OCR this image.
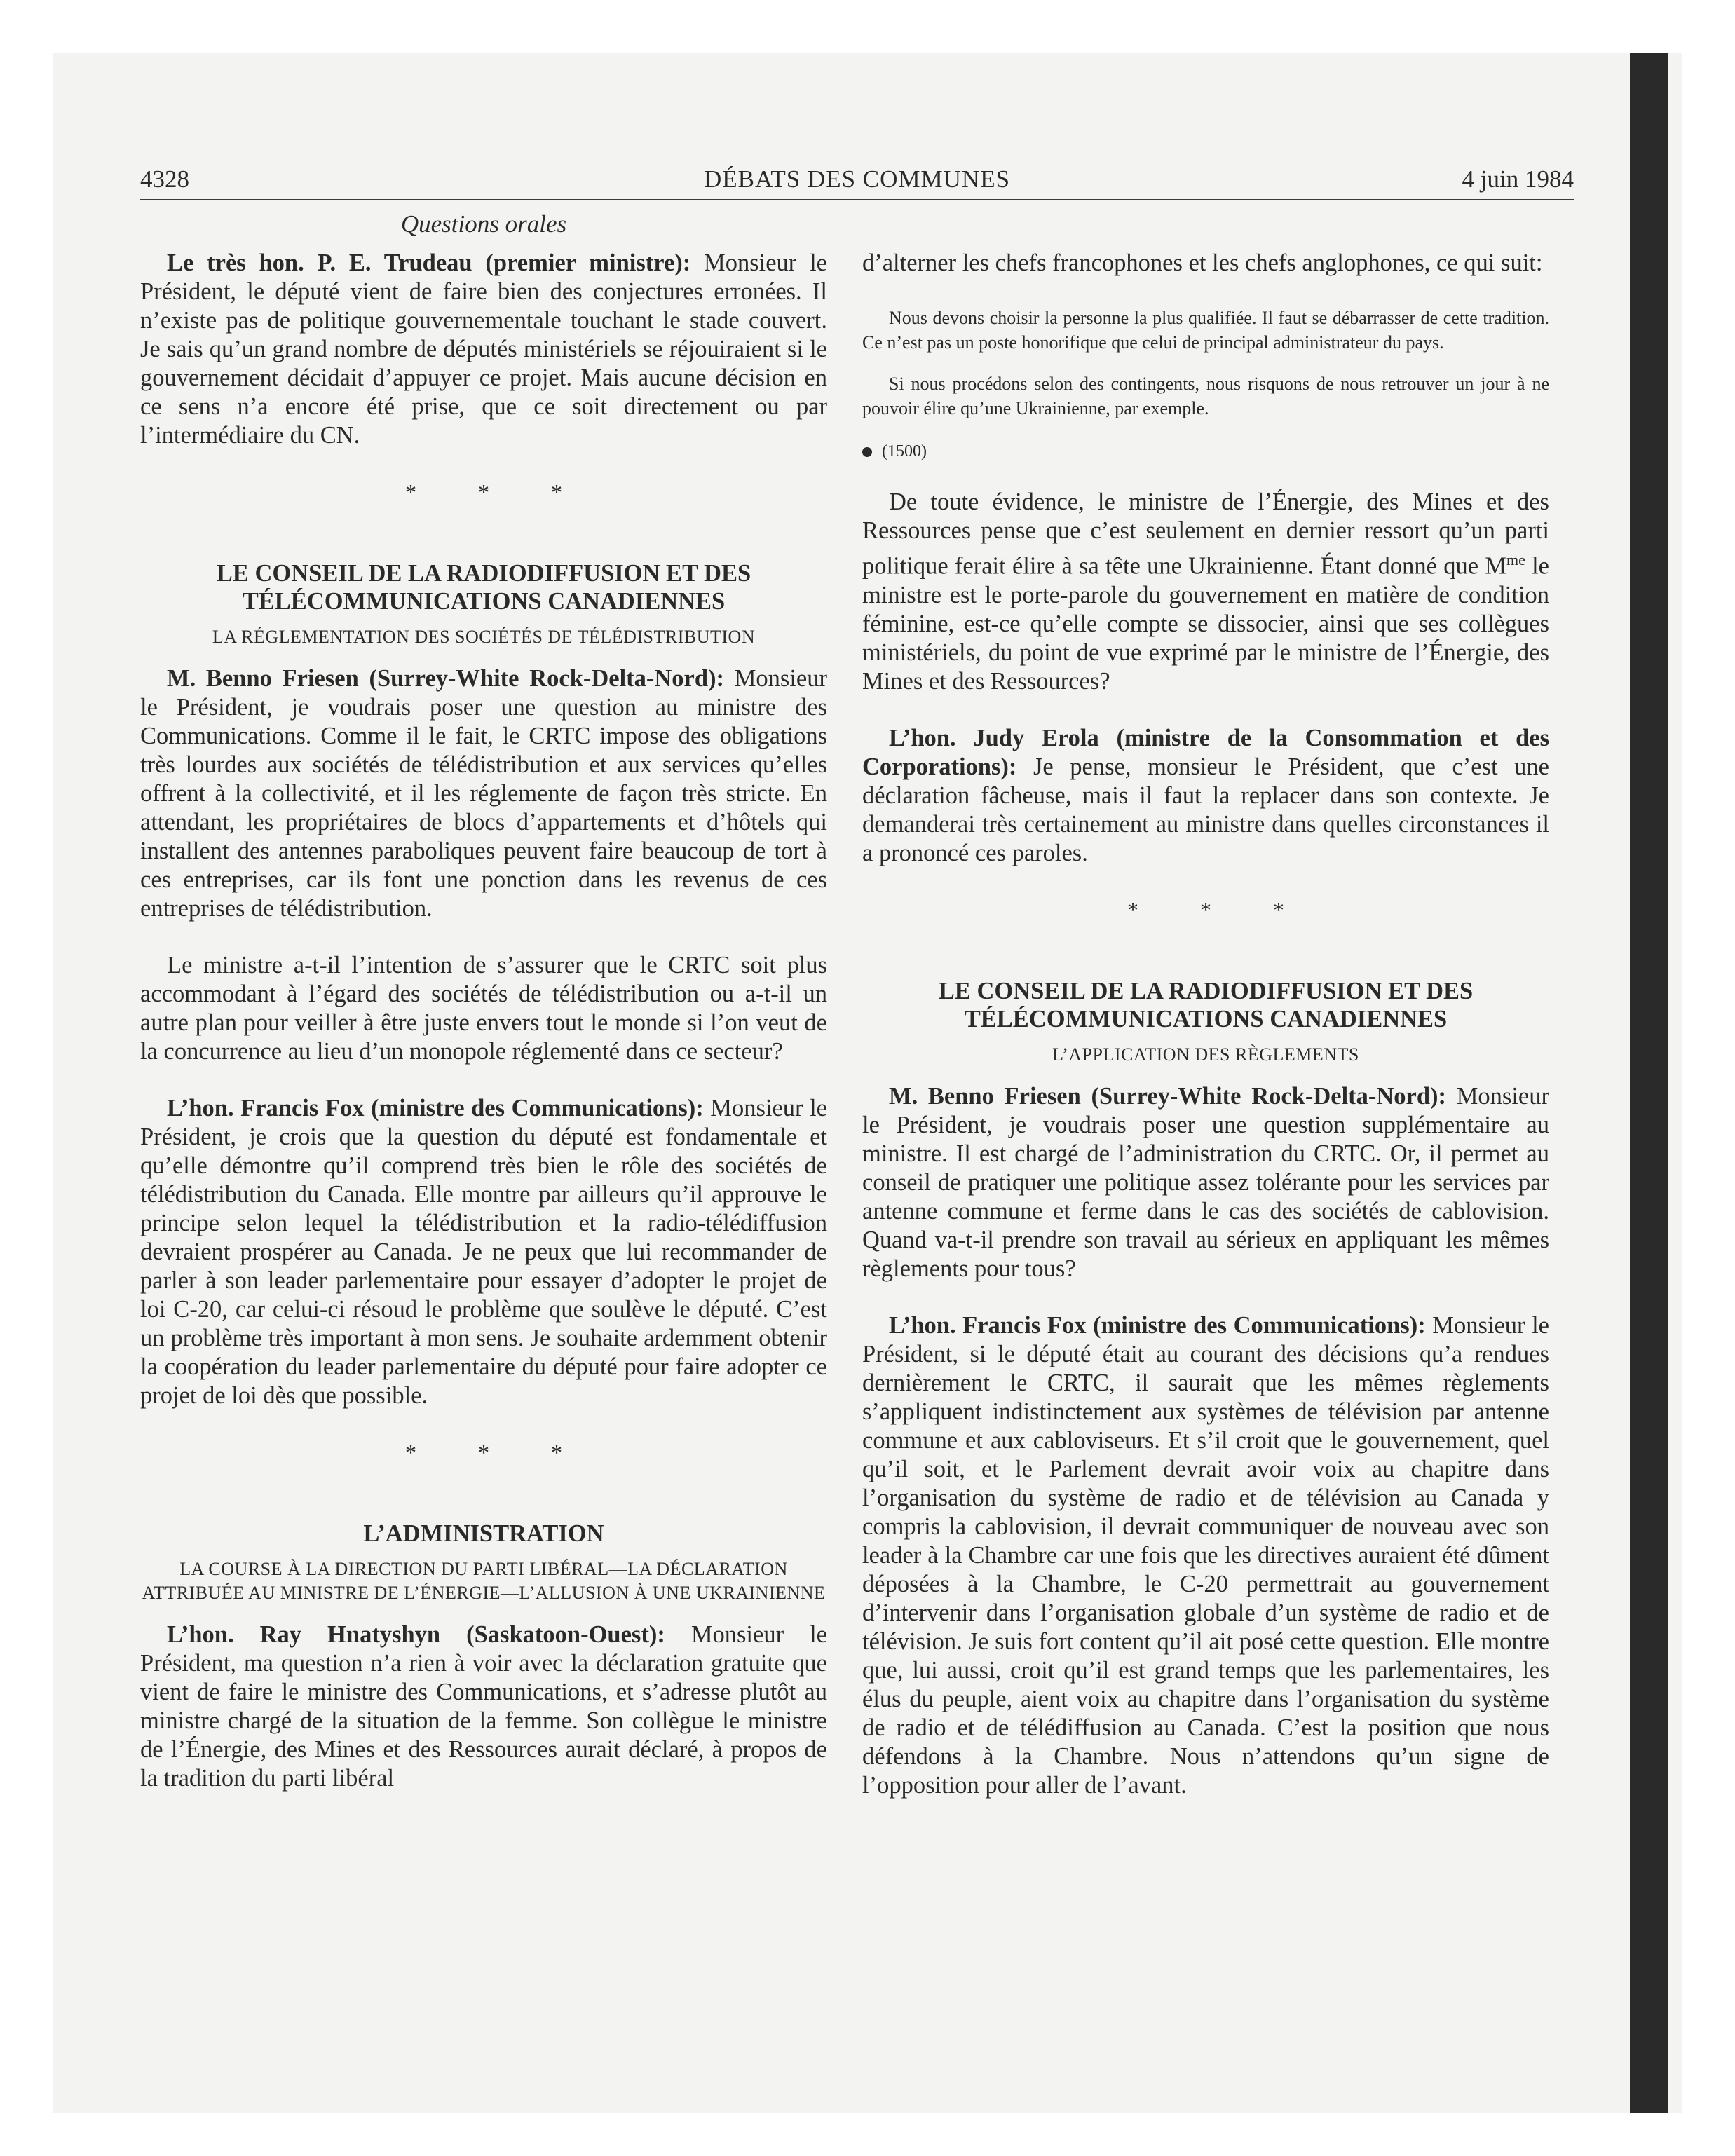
4328	DÉBATS DES COMMUNES	4 juin 1984
Questions orales

Le très hon. P. E. Trudeau (premier ministre): Monsieur le Président, le député vient de faire bien des conjectures erronées. Il n’existe pas de politique gouvernementale touchant le stade couvert. Je sais qu’un grand nombre de députés ministériels se réjouiraient si le gouvernement décidait d’appuyer ce projet. Mais aucune décision en ce sens n’a encore été prise, que ce soit directement ou par l’intermédiaire du CN.

* * *
LE CONSEIL DE LA RADIODIFFUSION ET DES TÉLÉCOMMUNICATIONS CANADIENNES
LA RÉGLEMENTATION DES SOCIÉTÉS DE TÉLÉDISTRIBUTION

M. Benno Friesen (Surrey-White Rock-Delta-Nord): Monsieur le Président, je voudrais poser une question au ministre des Communications. Comme il le fait, le CRTC impose des obligations très lourdes aux sociétés de télédistribution et aux services qu’elles offrent à la collectivité, et il les réglemente de façon très stricte. En attendant, les propriétaires de blocs d’appartements et d’hôtels qui installent des antennes paraboliques peuvent faire beaucoup de tort à ces entreprises, car ils font une ponction dans les revenus de ces entreprises de télédistribution.

Le ministre a-t-il l’intention de s’assurer que le CRTC soit plus accommodant à l’égard des sociétés de télédistribution ou a-t-il un autre plan pour veiller à être juste envers tout le monde si l’on veut de la concurrence au lieu d’un monopole réglementé dans ce secteur?

L’hon. Francis Fox (ministre des Communications): Monsieur le Président, je crois que la question du député est fondamentale et qu’elle démontre qu’il comprend très bien le rôle des sociétés de télédistribution du Canada. Elle montre par ailleurs qu’il approuve le principe selon lequel la télédistribution et la radio-télédiffusion devraient prospérer au Canada. Je ne peux que lui recommander de parler à son leader parlementaire pour essayer d’adopter le projet de loi C-20, car celui-ci résoud le problème que soulève le député. C’est un problème très important à mon sens. Je souhaite ardemment obtenir la coopération du leader parlementaire du député pour faire adopter ce projet de loi dès que possible.

* * *
L’ADMINISTRATION
LA COURSE À LA DIRECTION DU PARTI LIBÉRAL—LA DÉCLARATION ATTRIBUÉE AU MINISTRE DE L’ÉNERGIE—L’ALLUSION À UNE UKRAINIENNE

L’hon. Ray Hnatyshyn (Saskatoon-Ouest): Monsieur le Président, ma question n’a rien à voir avec la déclaration gratuite que vient de faire le ministre des Communications, et s’adresse plutôt au ministre chargé de la situation de la femme. Son collègue le ministre de l’Énergie, des Mines et des Ressources aurait déclaré, à propos de la tradition du parti libéral

d’alterner les chefs francophones et les chefs anglophones, ce qui suit:

Nous devons choisir la personne la plus qualifiée. Il faut se débarrasser de cette tradition. Ce n’est pas un poste honorifique que celui de principal administrateur du pays.
Si nous procédons selon des contingents, nous risquons de nous retrouver un jour à ne pouvoir élire qu’une Ukrainienne, par exemple.
(1500)

De toute évidence, le ministre de l’Énergie, des Mines et des Ressources pense que c’est seulement en dernier ressort qu’un parti politique ferait élire à sa tête une Ukrainienne. Étant donné que $M^{me}$ le ministre est le porte-parole du gouvernement en matière de condition féminine, est-ce qu’elle compte se dissocier, ainsi que ses collègues ministériels, du point de vue exprimé par le ministre de l’Énergie, des Mines et des Ressources?

L’hon. Judy Erola (ministre de la Consommation et des Corporations): Je pense, monsieur le Président, que c’est une déclaration fâcheuse, mais il faut la replacer dans son contexte. Je demanderai très certainement au ministre dans quelles circonstances il a prononcé ces paroles.

* * *
LE CONSEIL DE LA RADIODIFFUSION ET DES TÉLÉCOMMUNICATIONS CANADIENNES
L’APPLICATION DES RÈGLEMENTS

M. Benno Friesen (Surrey-White Rock-Delta-Nord): Monsieur le Président, je voudrais poser une question supplémentaire au ministre. Il est chargé de l’administration du CRTC. Or, il permet au conseil de pratiquer une politique assez tolérante pour les services par antenne commune et ferme dans le cas des sociétés de cablovision. Quand va-t-il prendre son travail au sérieux en appliquant les mêmes règlements pour tous?

L’hon. Francis Fox (ministre des Communications): Monsieur le Président, si le député était au courant des décisions qu’a rendues dernièrement le CRTC, il saurait que les mêmes règlements s’appliquent indistinctement aux systèmes de télévision par antenne commune et aux cabloviseurs. Et s’il croit que le gouvernement, quel qu’il soit, et le Parlement devrait avoir voix au chapitre dans l’organisation du système de radio et de télévision au Canada y compris la cablovision, il devrait communiquer de nouveau avec son leader à la Chambre car une fois que les directives auraient été dûment déposées à la Chambre, le C-20 permettrait au gouvernement d’intervenir dans l’organisation globale d’un système de radio et de télévision. Je suis fort content qu’il ait posé cette question. Elle montre que, lui aussi, croit qu’il est grand temps que les parlementaires, les élus du peuple, aient voix au chapitre dans l’organisation du système de radio et de télédiffusion au Canada. C’est la position que nous défendons à la Chambre. Nous n’attendons qu’un signe de l’opposition pour aller de l’avant.
